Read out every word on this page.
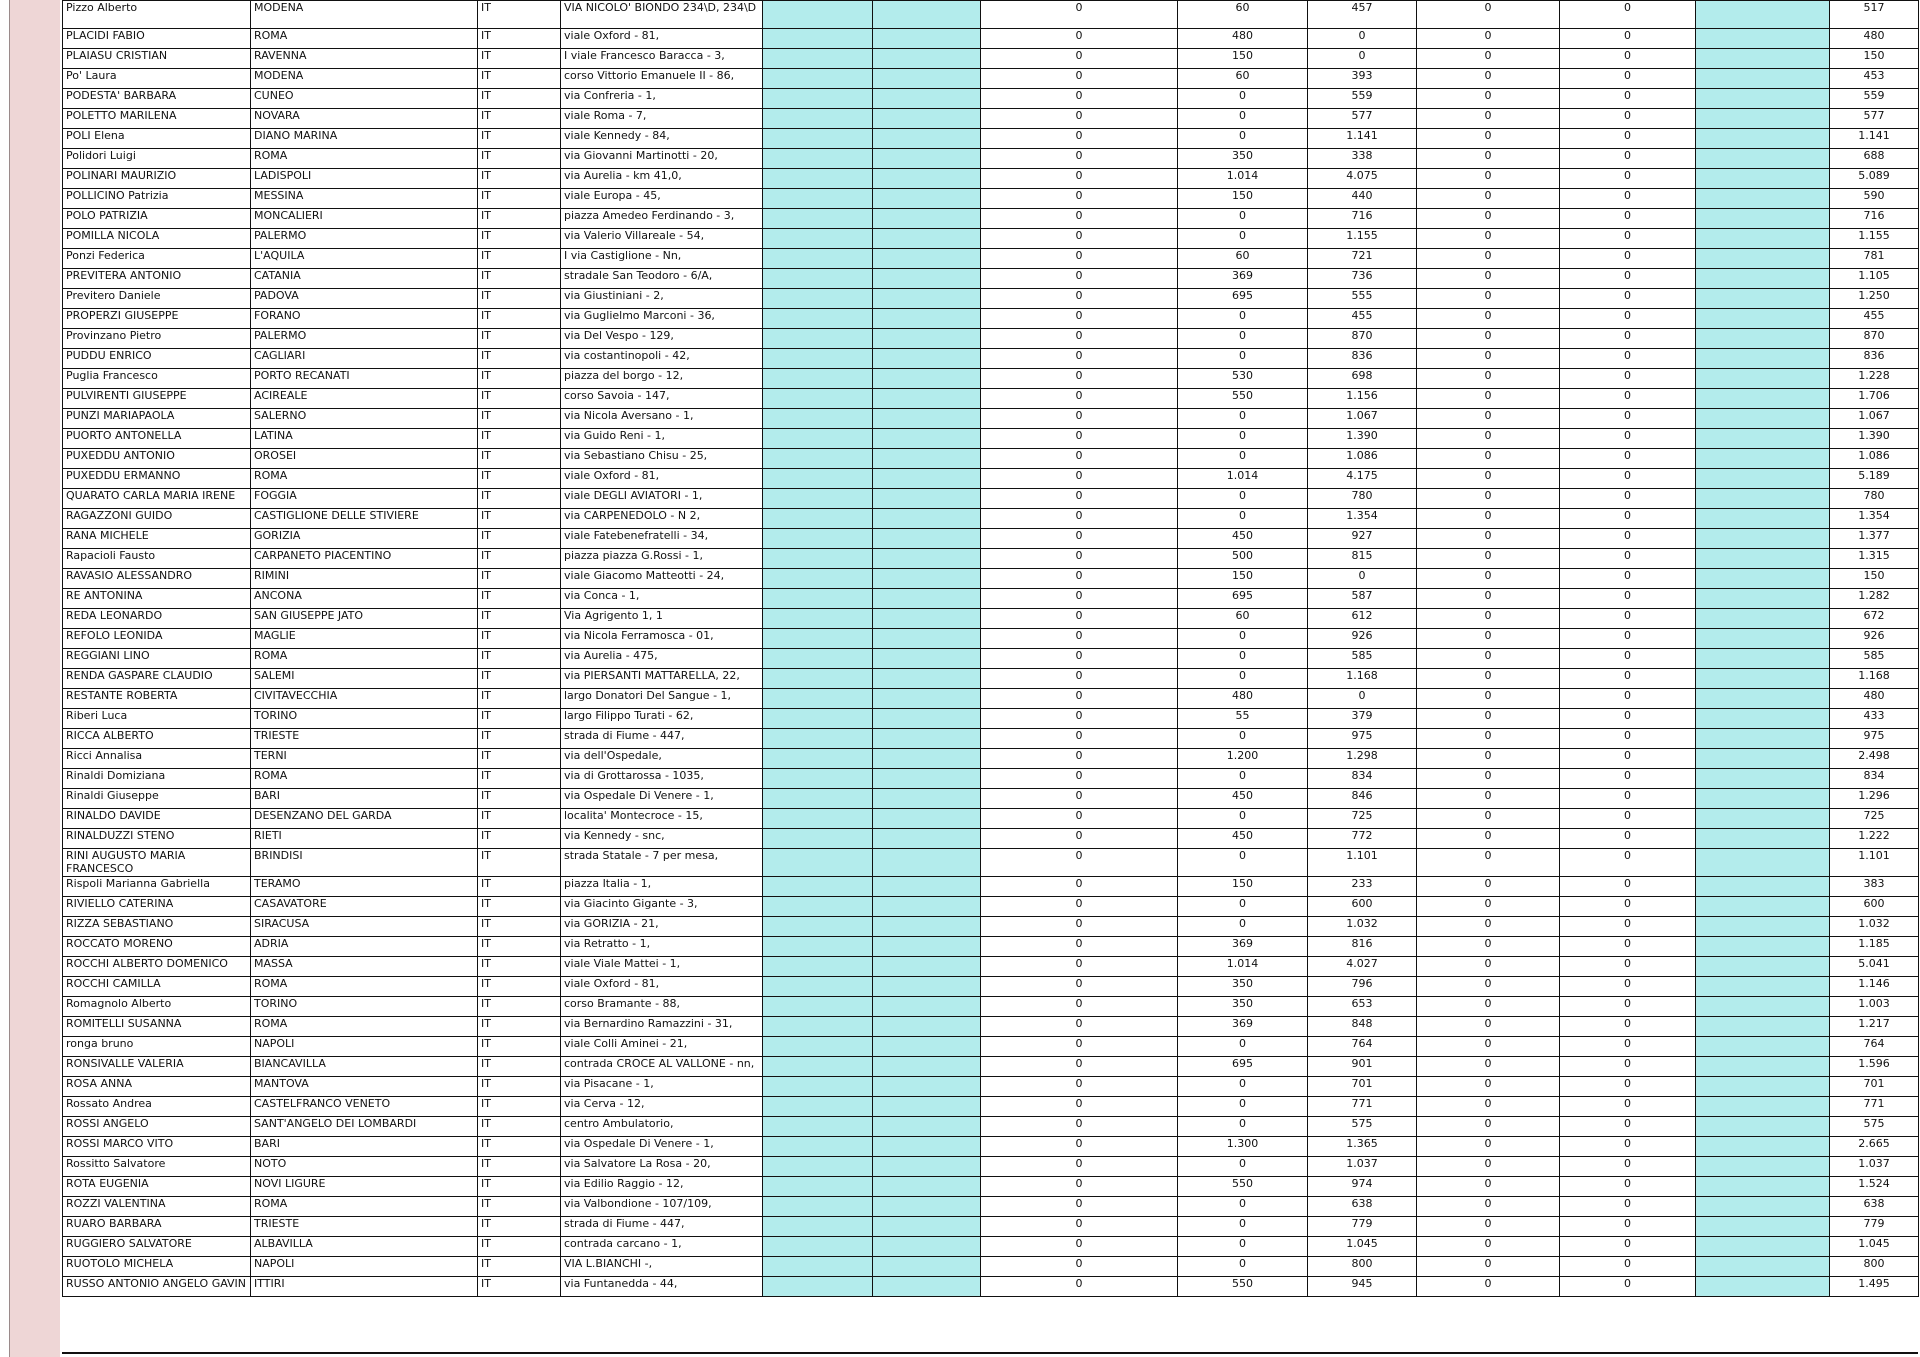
Pizzo Alberto	MODENA	IT	VIA NICOLO' BIONDO 234\D, 234\D			0	60	457	0	0		517
PLACIDI FABIO	ROMA	IT	viale Oxford - 81,			0	480	0	0	0		480
PLAIASU CRISTIAN	RAVENNA	IT	I viale Francesco Baracca - 3,			0	150	0	0	0		150
Po' Laura	MODENA	IT	corso Vittorio Emanuele II - 86,			0	60	393	0	0		453
PODESTA' BARBARA	CUNEO	IT	via Confreria - 1,			0	0	559	0	0		559
POLETTO MARILENA	NOVARA	IT	viale Roma - 7,			0	0	577	0	0		577
POLI Elena	DIANO MARINA	IT	viale Kennedy - 84,			0	0	1.141	0	0		1.141
Polidori Luigi	ROMA	IT	via Giovanni Martinotti - 20,			0	350	338	0	0		688
POLINARI MAURIZIO	LADISPOLI	IT	via Aurelia - km 41,0,			0	1.014	4.075	0	0		5.089
POLLICINO Patrizia	MESSINA	IT	viale Europa - 45,			0	150	440	0	0		590
POLO PATRIZIA	MONCALIERI	IT	piazza Amedeo Ferdinando - 3,			0	0	716	0	0		716
POMILLA NICOLA	PALERMO	IT	via Valerio Villareale - 54,			0	0	1.155	0	0		1.155
Ponzi Federica	L'AQUILA	IT	I via Castiglione - Nn,			0	60	721	0	0		781
PREVITERA ANTONIO	CATANIA	IT	stradale San Teodoro - 6/A,			0	369	736	0	0		1.105
Previtero Daniele	PADOVA	IT	via Giustiniani - 2,			0	695	555	0	0		1.250
PROPERZI GIUSEPPE	FORANO	IT	via Guglielmo Marconi - 36,			0	0	455	0	0		455
Provinzano Pietro	PALERMO	IT	via Del Vespo - 129,			0	0	870	0	0		870
PUDDU ENRICO	CAGLIARI	IT	via costantinopoli - 42,			0	0	836	0	0		836
Puglia Francesco	PORTO RECANATI	IT	piazza del borgo - 12,			0	530	698	0	0		1.228
PULVIRENTI GIUSEPPE	ACIREALE	IT	corso Savoia - 147,			0	550	1.156	0	0		1.706
PUNZI MARIAPAOLA	SALERNO	IT	via Nicola Aversano - 1,			0	0	1.067	0	0		1.067
PUORTO ANTONELLA	LATINA	IT	via Guido Reni - 1,			0	0	1.390	0	0		1.390
PUXEDDU ANTONIO	OROSEI	IT	via Sebastiano Chisu - 25,			0	0	1.086	0	0		1.086
PUXEDDU ERMANNO	ROMA	IT	viale Oxford - 81,			0	1.014	4.175	0	0		5.189
QUARATO CARLA MARIA IRENE	FOGGIA	IT	viale DEGLI AVIATORI - 1,			0	0	780	0	0		780
RAGAZZONI GUIDO	CASTIGLIONE DELLE STIVIERE	IT	via CARPENEDOLO - N 2,			0	0	1.354	0	0		1.354
RANA MICHELE	GORIZIA	IT	viale Fatebenefratelli - 34,			0	450	927	0	0		1.377
Rapacioli Fausto	CARPANETO PIACENTINO	IT	piazza piazza G.Rossi - 1,			0	500	815	0	0		1.315
RAVASIO ALESSANDRO	RIMINI	IT	viale Giacomo Matteotti - 24,			0	150	0	0	0		150
RE ANTONINA	ANCONA	IT	via Conca - 1,			0	695	587	0	0		1.282
REDA LEONARDO	SAN GIUSEPPE JATO	IT	Via Agrigento 1, 1			0	60	612	0	0		672
REFOLO LEONIDA	MAGLIE	IT	via Nicola Ferramosca - 01,			0	0	926	0	0		926
REGGIANI LINO	ROMA	IT	via Aurelia - 475,			0	0	585	0	0		585
RENDA GASPARE CLAUDIO	SALEMI	IT	via PIERSANTI MATTARELLA, 22,			0	0	1.168	0	0		1.168
RESTANTE ROBERTA	CIVITAVECCHIA	IT	largo Donatori Del Sangue - 1,			0	480	0	0	0		480
Riberi Luca	TORINO	IT	largo Filippo Turati - 62,			0	55	379	0	0		433
RICCA ALBERTO	TRIESTE	IT	strada di Fiume - 447,			0	0	975	0	0		975
Ricci Annalisa	TERNI	IT	via dell'Ospedale,			0	1.200	1.298	0	0		2.498
Rinaldi Domiziana	ROMA	IT	via di Grottarossa - 1035,			0	0	834	0	0		834
Rinaldi Giuseppe	BARI	IT	via Ospedale Di Venere - 1,			0	450	846	0	0		1.296
RINALDO DAVIDE	DESENZANO DEL GARDA	IT	localita' Montecroce - 15,			0	0	725	0	0		725
RINALDUZZI STENO	RIETI	IT	via Kennedy - snc,			0	450	772	0	0		1.222
RINI AUGUSTO MARIA FRANCESCO	BRINDISI	IT	strada Statale - 7 per mesa,			0	0	1.101	0	0		1.101
Rispoli Marianna Gabriella	TERAMO	IT	piazza Italia - 1,			0	150	233	0	0		383
RIVIELLO CATERINA	CASAVATORE	IT	via Giacinto Gigante - 3,			0	0	600	0	0		600
RIZZA SEBASTIANO	SIRACUSA	IT	via GORIZIA - 21,			0	0	1.032	0	0		1.032
ROCCATO MORENO	ADRIA	IT	via Retratto - 1,			0	369	816	0	0		1.185
ROCCHI ALBERTO DOMENICO	MASSA	IT	viale Viale Mattei - 1,			0	1.014	4.027	0	0		5.041
ROCCHI CAMILLA	ROMA	IT	viale Oxford - 81,			0	350	796	0	0		1.146
Romagnolo Alberto	TORINO	IT	corso Bramante - 88,			0	350	653	0	0		1.003
ROMITELLI SUSANNA	ROMA	IT	via Bernardino Ramazzini - 31,			0	369	848	0	0		1.217
ronga bruno	NAPOLI	IT	viale Colli Aminei - 21,			0	0	764	0	0		764
RONSIVALLE VALERIA	BIANCAVILLA	IT	contrada CROCE AL VALLONE - nn,			0	695	901	0	0		1.596
ROSA ANNA	MANTOVA	IT	via Pisacane - 1,			0	0	701	0	0		701
Rossato Andrea	CASTELFRANCO VENETO	IT	via Cerva - 12,			0	0	771	0	0		771
ROSSI ANGELO	SANT'ANGELO DEI LOMBARDI	IT	centro Ambulatorio,			0	0	575	0	0		575
ROSSI MARCO VITO	BARI	IT	via Ospedale Di Venere - 1,			0	1.300	1.365	0	0		2.665
Rossitto Salvatore	NOTO	IT	via Salvatore La Rosa - 20,			0	0	1.037	0	0		1.037
ROTA EUGENIA	NOVI LIGURE	IT	via Edilio Raggio - 12,			0	550	974	0	0		1.524
ROZZI VALENTINA	ROMA	IT	via Valbondione - 107/109,			0	0	638	0	0		638
RUARO BARBARA	TRIESTE	IT	strada di Fiume - 447,			0	0	779	0	0		779
RUGGIERO SALVATORE	ALBAVILLA	IT	contrada carcano - 1,			0	0	1.045	0	0		1.045
RUOTOLO MICHELA	NAPOLI	IT	VIA L.BIANCHI -,			0	0	800	0	0		800
RUSSO ANTONIO ANGELO GAVIN	ITTIRI	IT	via Funtanedda - 44,			0	550	945	0	0		1.495
